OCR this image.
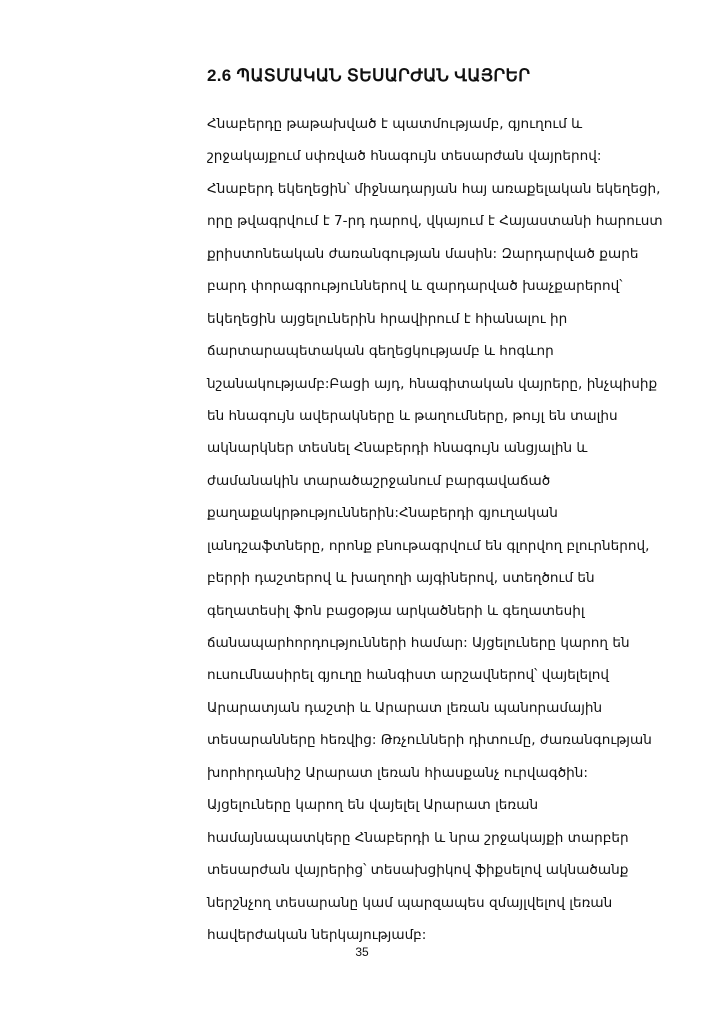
2.6 ՊԱՏՄԱԿԱՆ ՏԵՍԱՐԺԱՆ ՎԱՅՐԵՐ
Հնաբերդը թաթախված է պատմությամբ, գյուղում և
շրջակայքում սփռված հնագույն տեսարժան վայրերով:
Հնաբերդ եկեղեցին՝ միջնադարյան հայ առաքելական եկեղեցի,
որը թվագրվում է 7-րդ դարով, վկայում է Հայաստանի հարուստ
քրիստոնեական ժառանգության մասին: Զարդարված քարե
բարդ փորագրություններով և զարդարված խաչքարերով՝
եկեղեցին այցելուներին հրավիրում է հիանալու իր
ճարտարապետական գեղեցկությամբ և հոգևոր
նշանակությամբ:Բացի այդ, հնագիտական վայրերը, ինչպիսիք
են հնագույն ավերակները և թաղումները, թույլ են տալիս
ակնարկներ տեսնել Հնաբերդի հնագույն անցյալին և
ժամանակին տարածաշրջանում բարգավաճած
քաղաքակրթություններին:Հնաբերդի գյուղական
լանդշաֆտները, որոնք բնութագրվում են գլորվող բլուրներով,
բերրի դաշտերով և խաղողի այգիներով, ստեղծում են
գեղատեսիլ ֆոն բացօթյա արկածների և գեղատեսիլ
ճանապարհորդությունների համար: Այցելուները կարող են
ուսումնասիրել գյուղը հանգիստ արշավներով՝ վայելելով
Արարատյան դաշտի և Արարատ լեռան պանորամային
տեսարանները հեռվից: Թռչունների դիտումը, ժառանգության
խորհրդանիշ Արարատ լեռան հիասքանչ ուրվագծին:
Այցելուները կարող են վայելել Արարատ լեռան
համայնապատկերը Հնաբերդի և նրա շրջակայքի տարբեր
տեսարժան վայրերից՝ տեսախցիկով ֆիքսելով ակնածանք
ներշնչող տեսարանը կամ պարզապես զմայլվելով լեռան
հավերժական ներկայությամբ:
35
